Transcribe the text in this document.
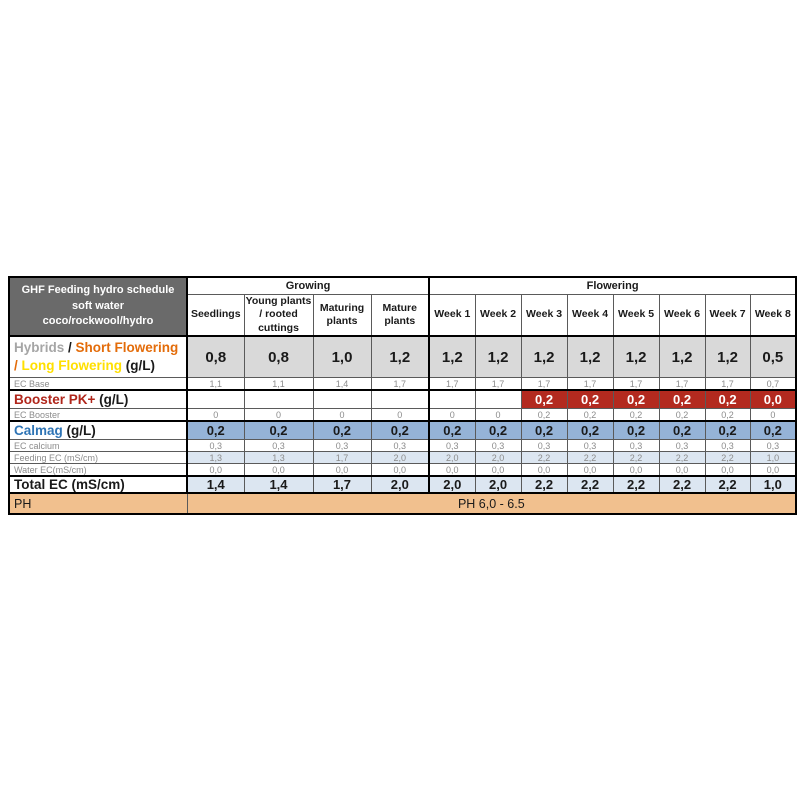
GHF Feeding hydro schedule
soft water
coco/rockwool/hydro	Growing				Flowering							
	Seedlings	Young plants / rooted cuttings	Maturing plants	Mature plants	Week 1	Week 2	Week 3	Week 4	Week 5	Week 6	Week 7	Week 8
Hybrids / Short Flowering / Long Flowering (g/L)	0,8	0,8	1,0	1,2	1,2	1,2	1,2	1,2	1,2	1,2	1,2	0,5
EC Base	1,1	1,1	1,4	1,7	1,7	1,7	1,7	1,7	1,7	1,7	1,7	0,7
Booster PK+ (g/L)							0,2	0,2	0,2	0,2	0,2	0,0
EC Booster	0	0	0	0	0	0	0,2	0,2	0,2	0,2	0,2	0
Calmag (g/L)	0,2	0,2	0,2	0,2	0,2	0,2	0,2	0,2	0,2	0,2	0,2	0,2
EC calcium	0,3	0,3	0,3	0,3	0,3	0,3	0,3	0,3	0,3	0,3	0,3	0,3
Feeding EC (mS/cm)	1,3	1,3	1,7	2,0	2,0	2,0	2,2	2,2	2,2	2,2	2,2	1,0
Water EC(mS/cm)	0,0	0,0	0,0	0,0	0,0	0,0	0,0	0,0	0,0	0,0	0,0	0,0
Total EC (mS/cm)	1,4	1,4	1,7	2,0	2,0	2,0	2,2	2,2	2,2	2,2	2,2	1,0
PH	PH 6,0 - 6.5											
